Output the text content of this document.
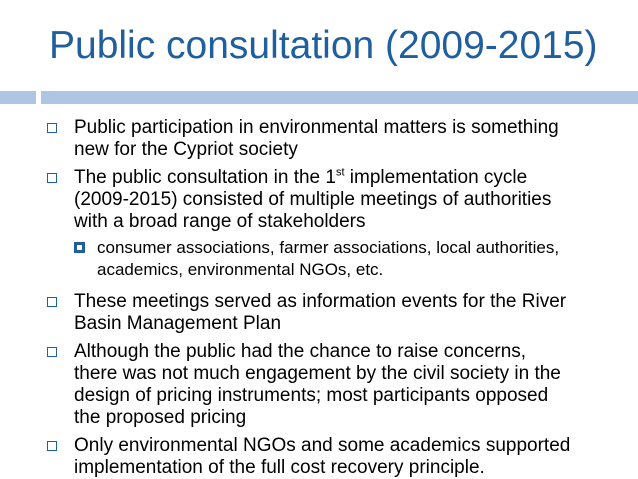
Public consultation (2009-2015)
Public participation in environmental matters is something
new for the Cypriot society
The public consultation in the 1st implementation cycle
(2009-2015) consisted of multiple meetings of authorities
with a broad range of stakeholders
consumer associations, farmer associations, local authorities,
academics, environmental NGOs, etc.
These meetings served as information events for the River
Basin Management Plan
Although the public had the chance to raise concerns,
there was not much engagement by the civil society in the
design of pricing instruments; most participants opposed
the proposed pricing
Only environmental NGOs and some academics supported
implementation of the full cost recovery principle.
